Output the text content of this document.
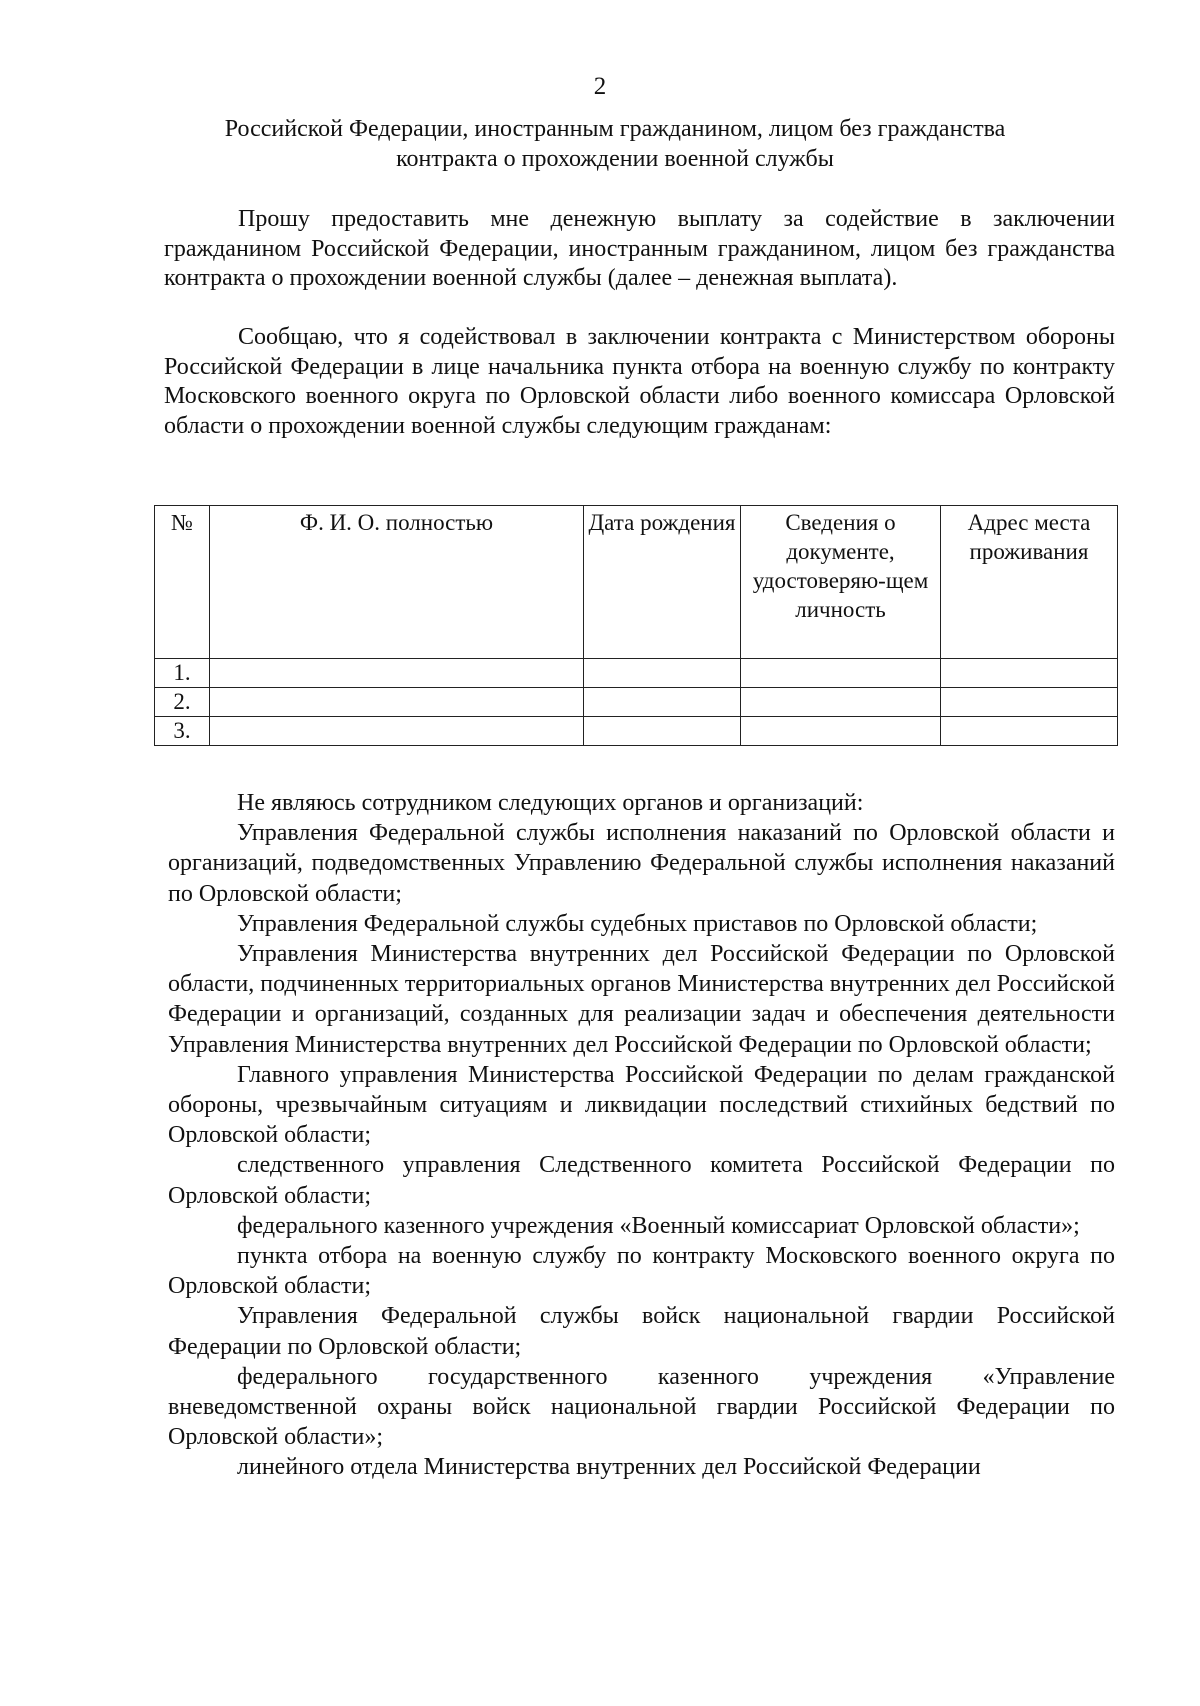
2
Российской Федерации, иностранным гражданином, лицом без гражданства
контракта о прохождении военной службы

Прошу предоставить мне денежную выплату за содействие в заключении гражданином Российской Федерации, иностранным гражданином, лицом без гражданства контракта о прохождении военной службы (далее – денежная выплата).

Сообщаю, что я содействовал в заключении контракта с Министерством обороны Российской Федерации в лице начальника пункта отбора на военную службу по контракту Московского военного округа по Орловской области либо военного комиссара Орловской области о прохождении военной службы следующим гражданам:

№	Ф. И. О. полностью	Дата рождения	Сведения о документе, удостоверяю-щем личность	Адрес места проживания
1.				
2.				
3.				

Не являюсь сотрудником следующих органов и организаций:

Управления Федеральной службы исполнения наказаний по Орловской области и организаций, подведомственных Управлению Федеральной службы исполнения наказаний по Орловской области;

Управления Федеральной службы судебных приставов по Орловской области;

Управления Министерства внутренних дел Российской Федерации по Орловской области, подчиненных территориальных органов Министерства внутренних дел Российской Федерации и организаций, созданных для реализации задач и обеспечения деятельности Управления Министерства внутренних дел Российской Федерации по Орловской области;

Главного управления Министерства Российской Федерации по делам гражданской обороны, чрезвычайным ситуациям и ликвидации последствий стихийных бедствий по Орловской области;

следственного управления Следственного комитета Российской Федерации по Орловской области;

федерального казенного учреждения «Военный комиссариат Орловской области»;

пункта отбора на военную службу по контракту Московского военного округа по Орловской области;

Управления Федеральной службы войск национальной гвардии Российской Федерации по Орловской области;

федерального государственного казенного учреждения «Управление вневедомственной охраны войск национальной гвардии Российской Федерации по Орловской области»;

линейного отдела Министерства внутренних дел Российской Федерации
